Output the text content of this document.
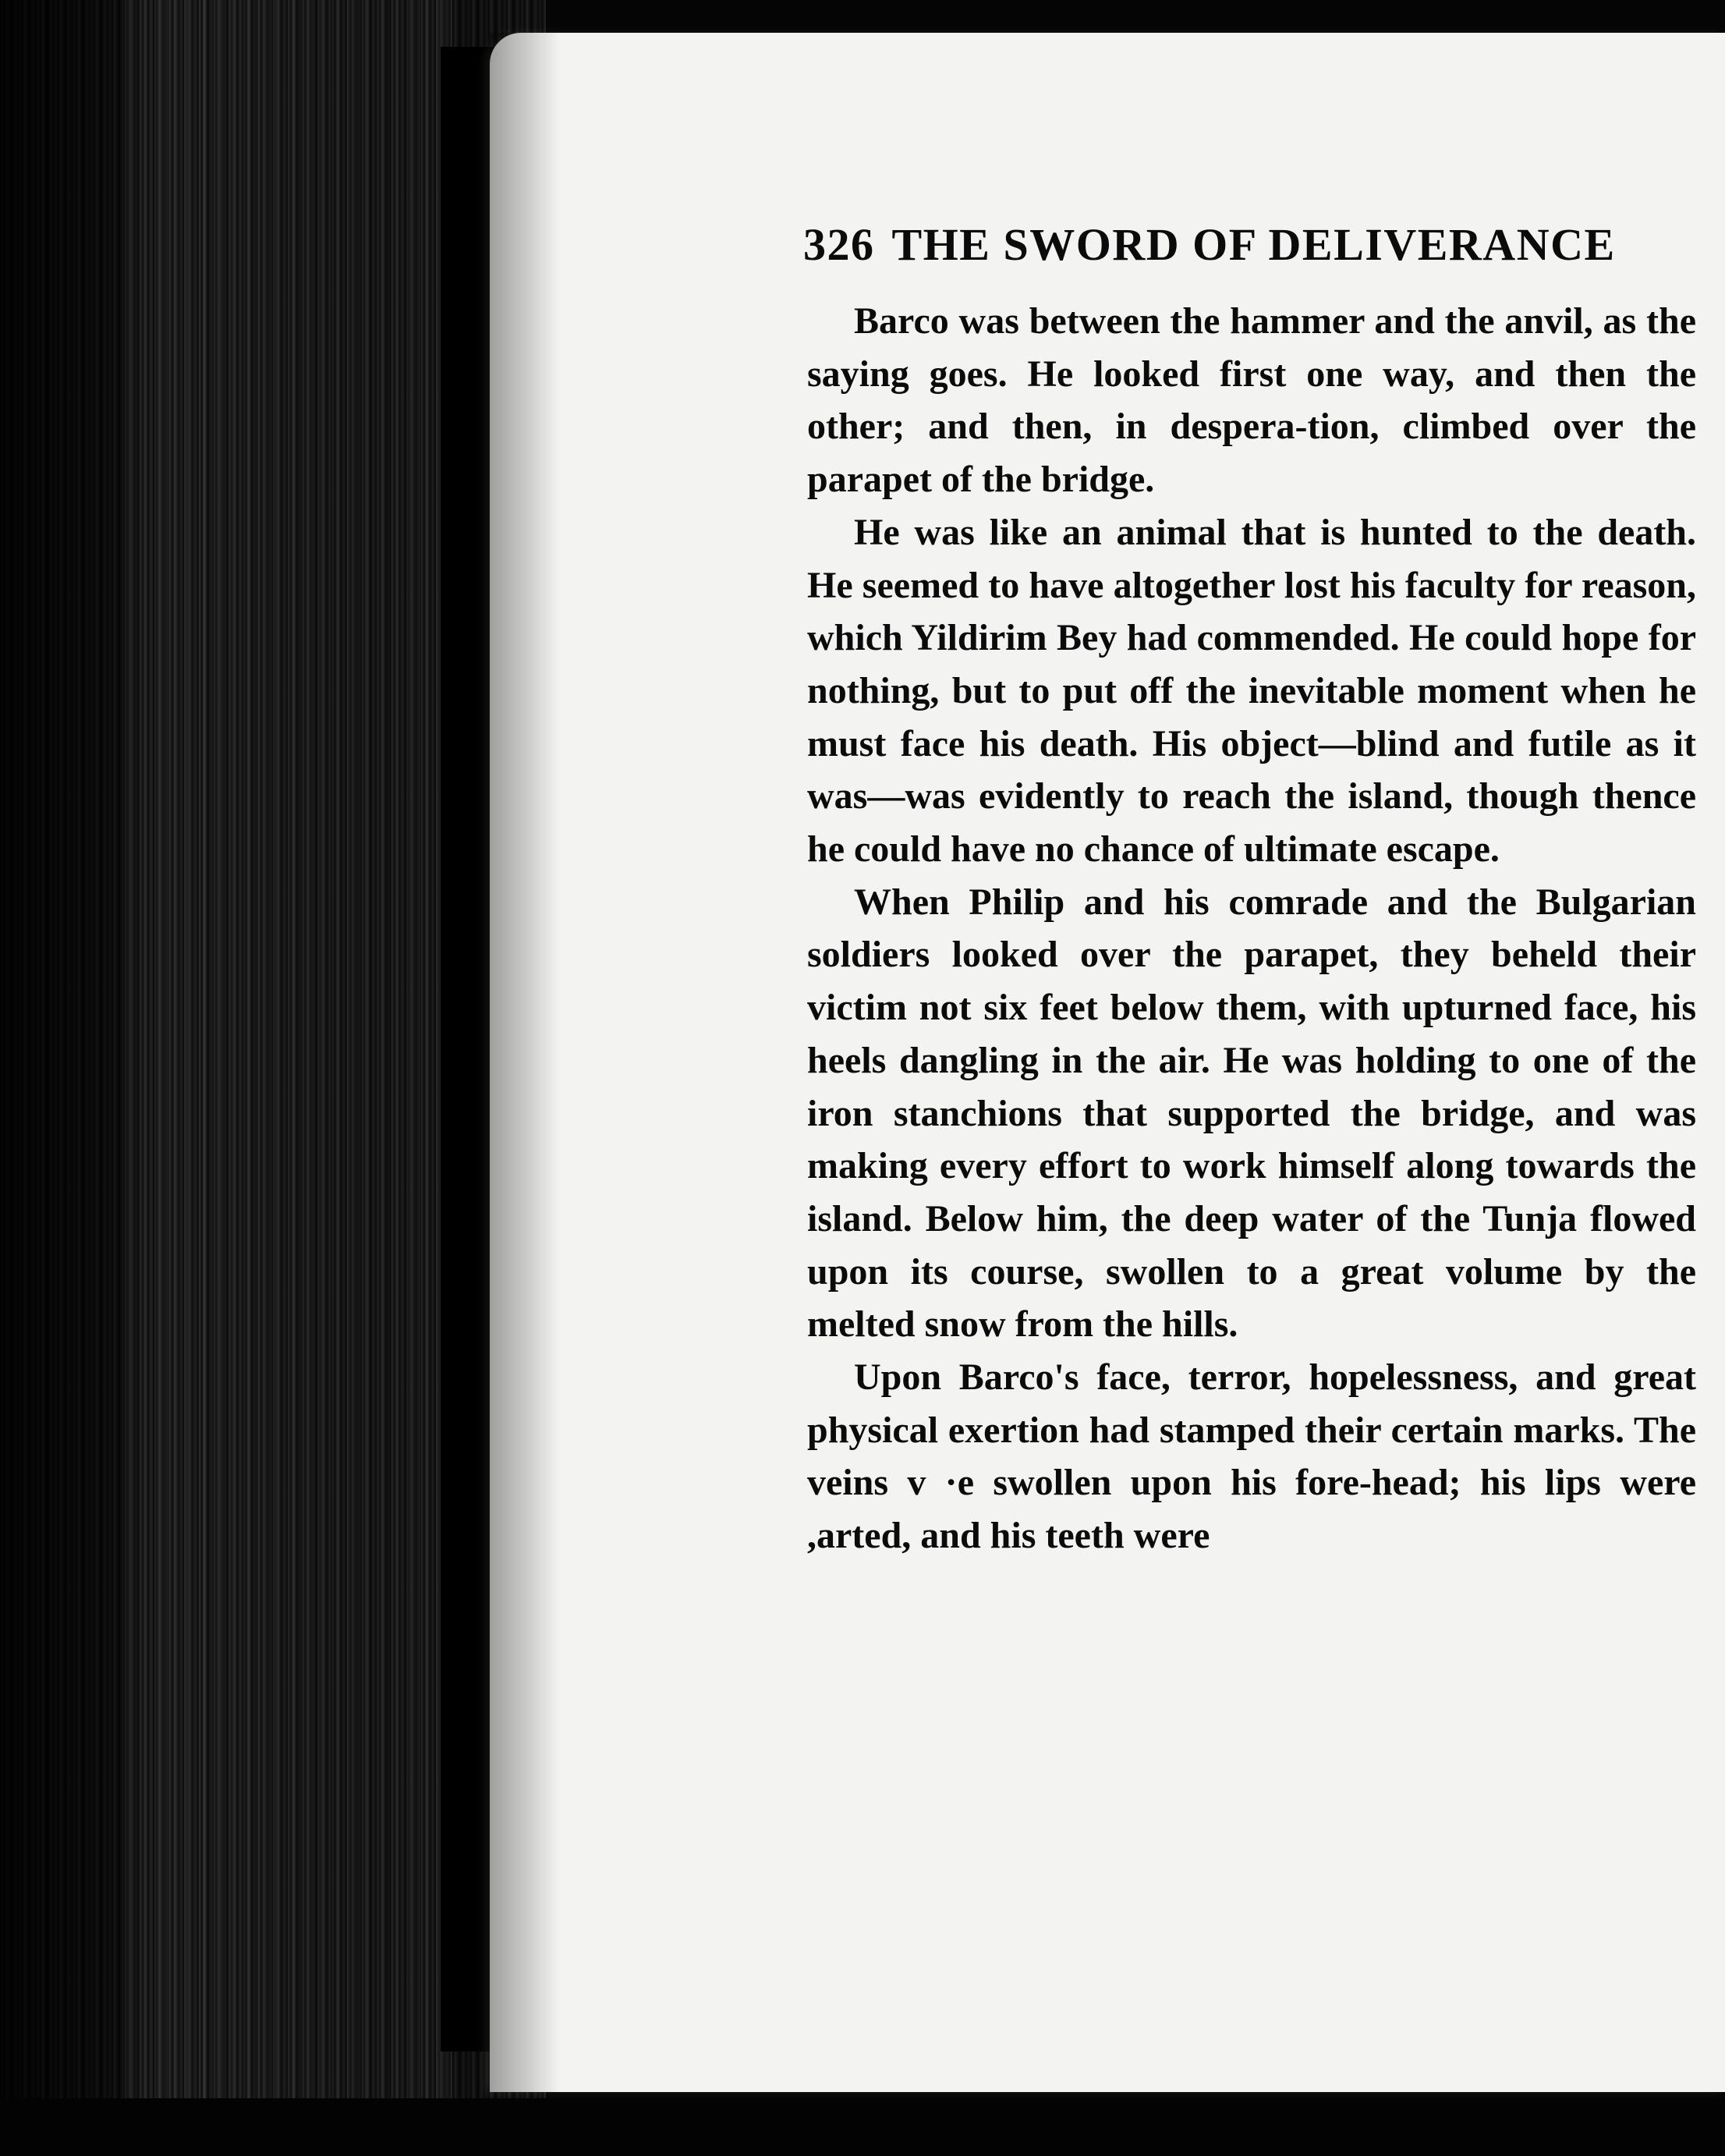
326 THE SWORD OF DELIVERANCE

Barco was between the hammer and the anvil, as the saying goes. He looked first one way, and then the other; and then, in despera-tion, climbed over the parapet of the bridge.

He was like an animal that is hunted to the death. He seemed to have altogether lost his faculty for reason, which Yildirim Bey had commended. He could hope for nothing, but to put off the inevitable moment when he must face his death. His object—blind and futile as it was—was evidently to reach the island, though thence he could have no chance of ultimate escape.

When Philip and his comrade and the Bulgarian soldiers looked over the parapet, they beheld their victim not six feet below them, with upturned face, his heels dangling in the air. He was holding to one of the iron stanchions that supported the bridge, and was making every effort to work himself along towards the island. Below him, the deep water of the Tunja flowed upon its course, swollen to a great volume by the melted snow from the hills.

Upon Barco's face, terror, hopelessness, and great physical exertion had stamped their certain marks. The veins v ·e swollen upon his fore-head; his lips were ,arted, and his teeth were
